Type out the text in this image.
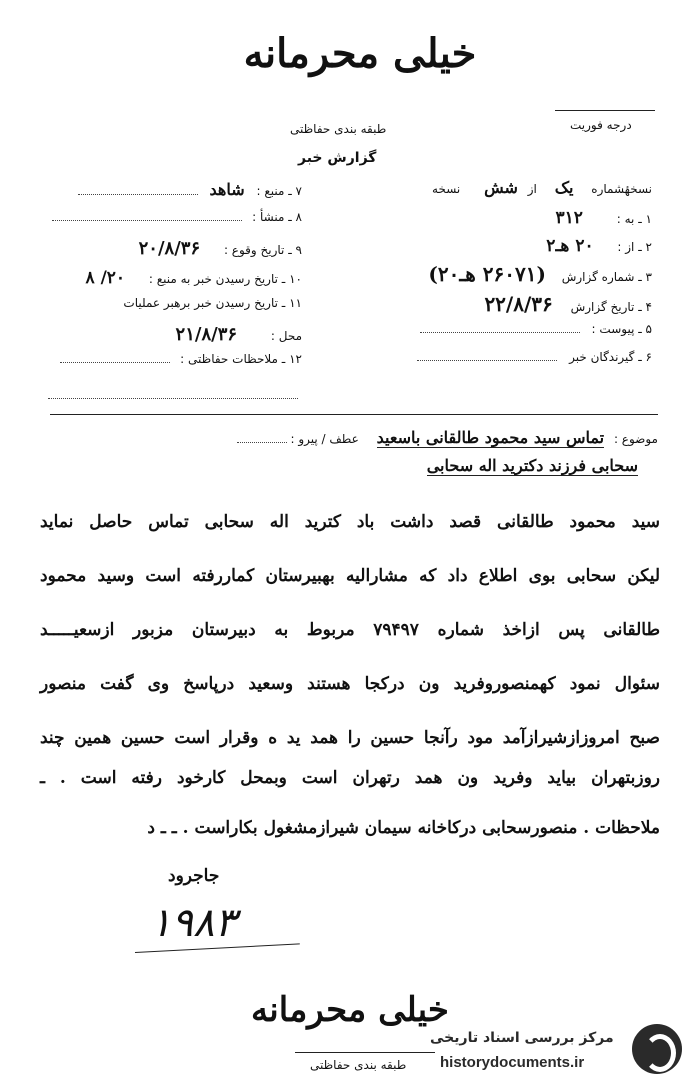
خیلی محرمانه
طبقه بندی حفاظتی	درجه فوریت
گزارش خبر
نسخهٔشماره یک از شش نسخه
۱ ـ به : ۳۱۲
۲ ـ از : ۲۰ هـ۲
۳ ـ شماره گزارش (۲۶۰۷۱ هـ۲۰)
۴ ـ تاریخ گزارش ۲۲/۸/۳۶
۵ ـ پیوست :
۶ ـ گیرندگان خبر
۷ ـ منبع : شاهد
۸ ـ منشأ :
۹ ـ تاریخ وقوع : ۲۰/۸/۳۶
۱۰ ـ تاریخ رسیدن خبر به منبع : ۲۰/ ۸
۱۱ ـ تاریخ رسیدن خبر برهبر عملیات
محل : ۲۱/۸/۳۶
۱۲ ـ ملاحظات حفاظتی :
موضوع : تماس سید محمود طالقانی باسعید عطف / پیرو :
سحابی فرزند دکترید اله سحابی
سید محمود طالقانی قصد داشت باد کترید اله سحابی تماس حاصل نماید
لیکن سحابی بوی اطلاع داد که مشارالیه بهبیرستان کماررفته است وسید محمود
طالقانی پس ازاخذ شماره ۷۹۴۹۷ مربوط به دبیرستان مزبور ازسعیـــــد
سئوال نمود کهمنصوروفرید ون درکجا هستند وسعید درپاسخ وی گفت منصور
صبح امروزازشیرازآمد مود رآنجا حسین را همد ید ه وقرار است حسین همین چند
روزبتهران بیاید وفرید ون همد رتهران است وبمحل کارخود رفته است . ـ
ملاحظات . منصورسحابی درکاخانه سیمان شیرازمشغول بکاراست . ـ ـ د
جاجرود
۱۹۸۳
خیلی محرمانه
طبقه بندی حفاظتی
مرکز بررسی اسناد تاریخی
historydocuments.ir
